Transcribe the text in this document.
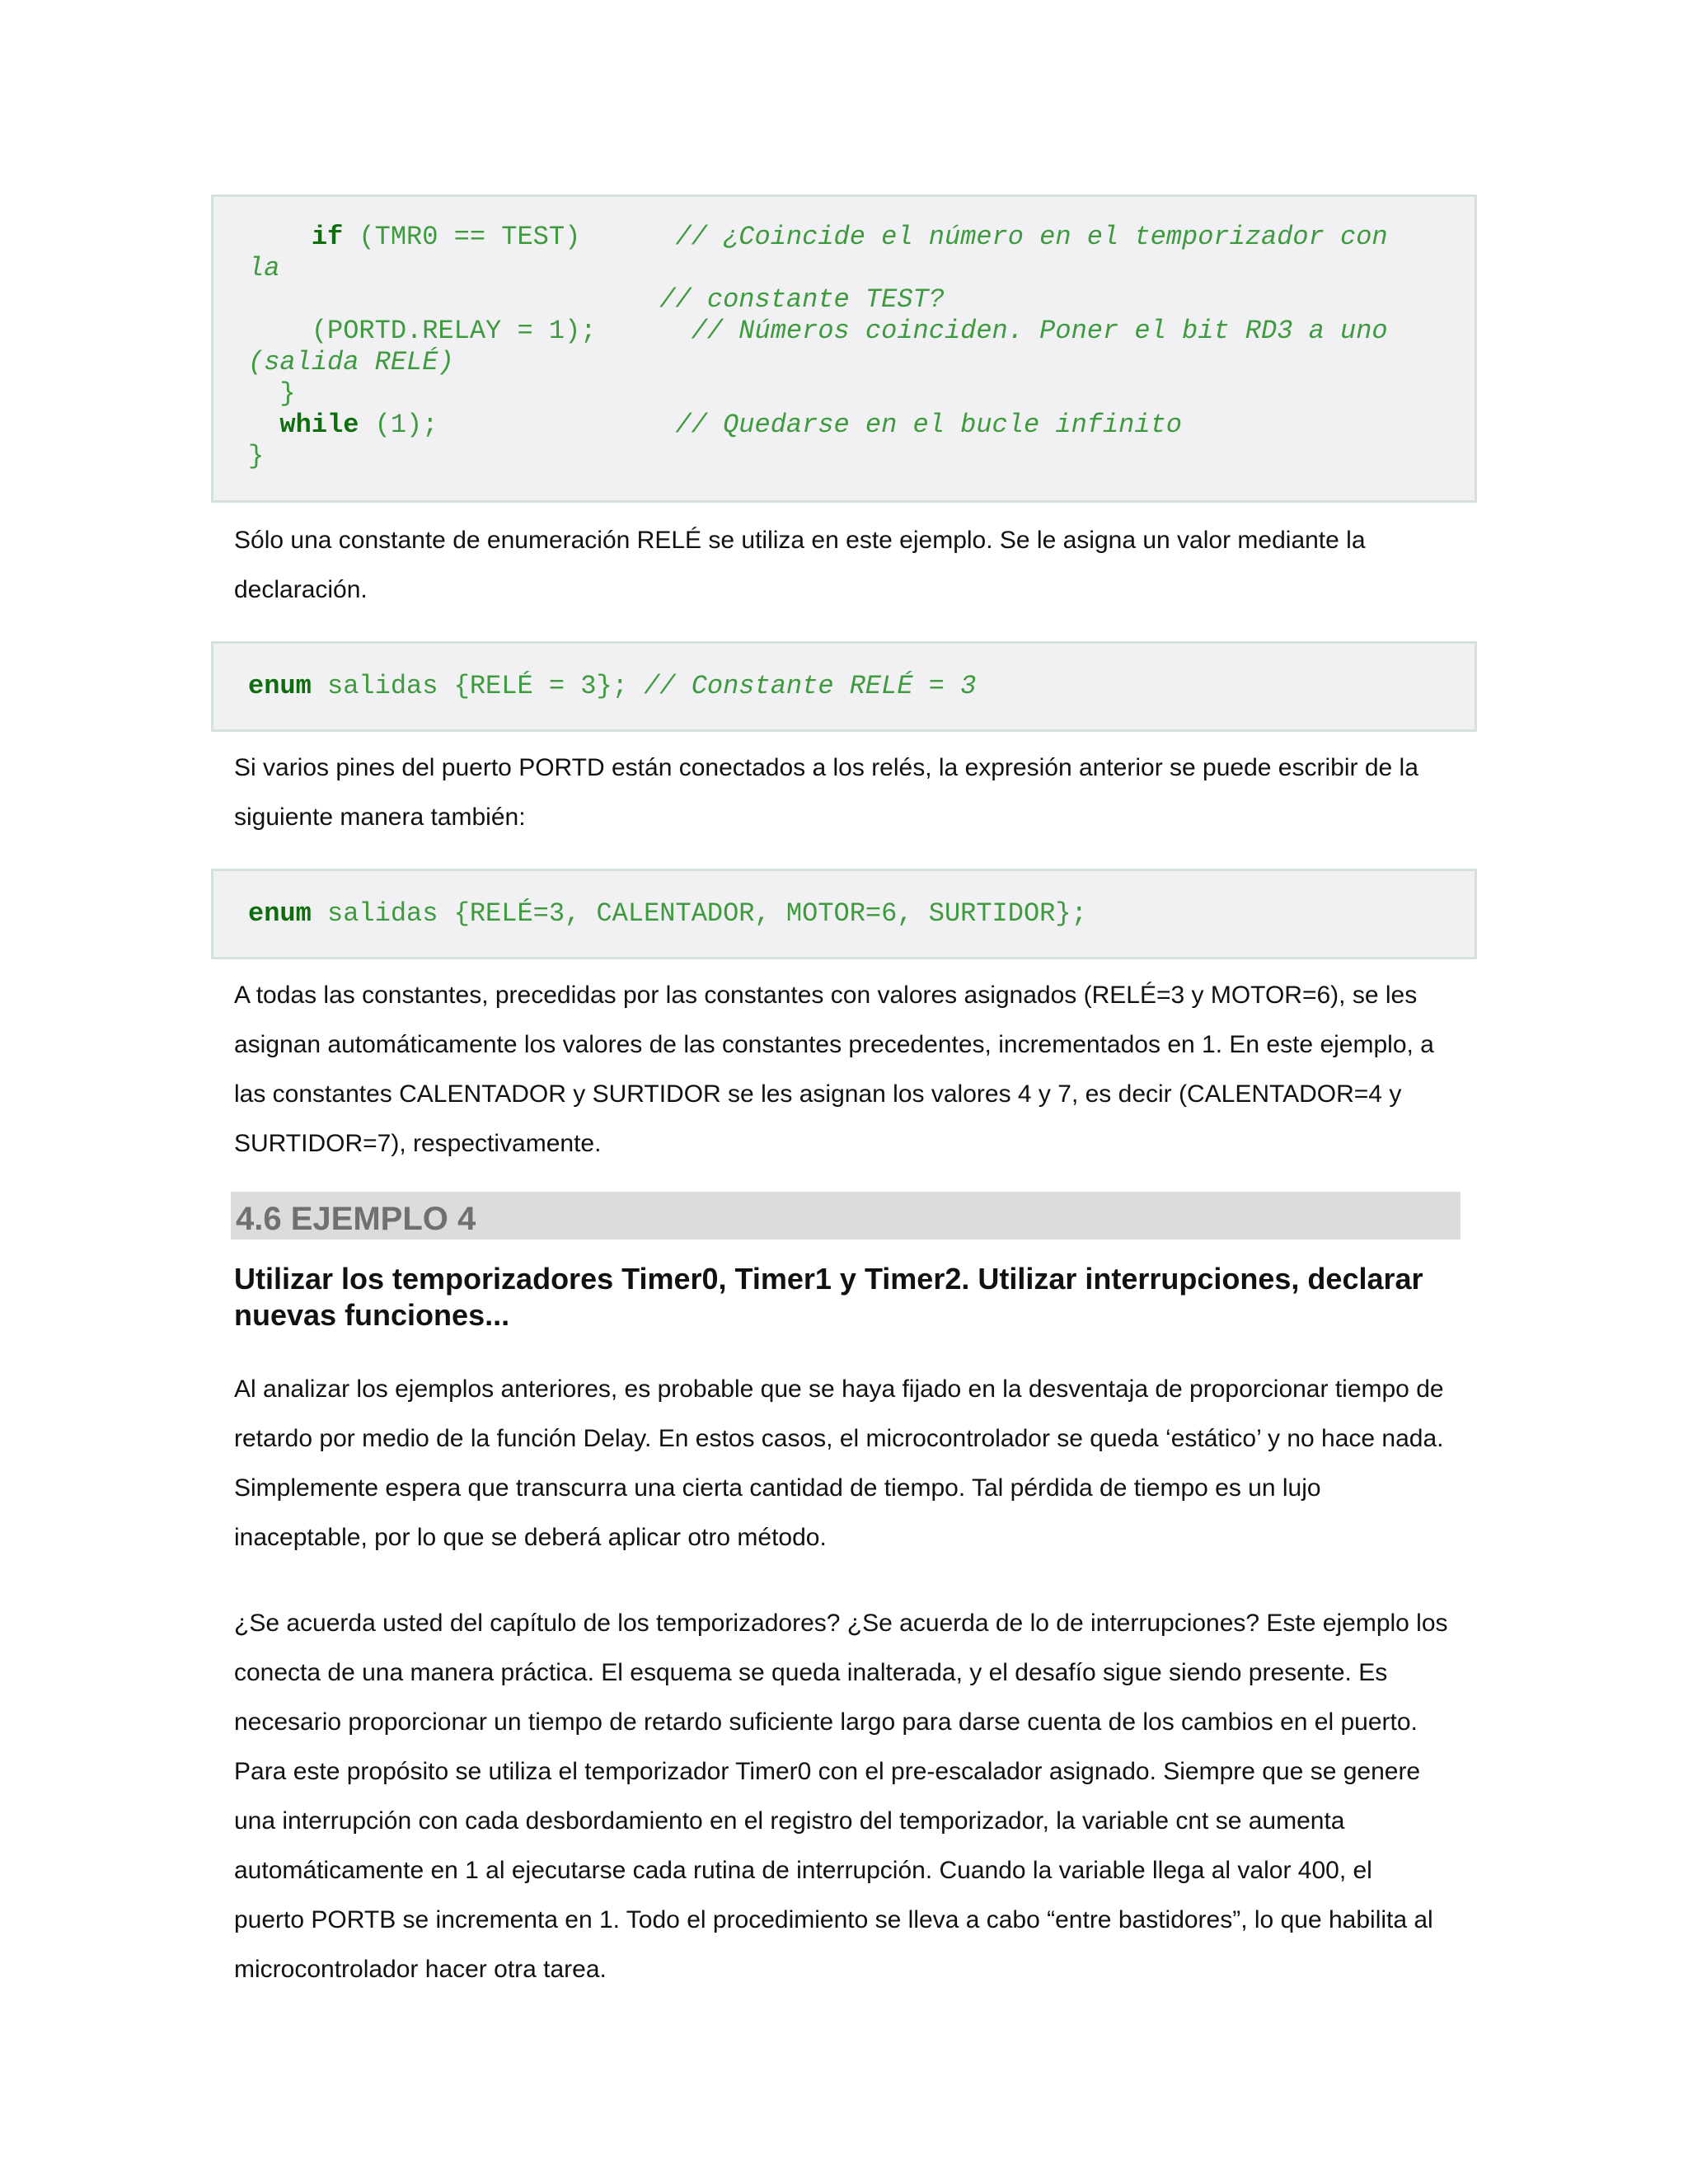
if (TMR0 == TEST)	// ¿Coincide el número en el temporizador con
la
// constante TEST?
(PORTD.RELAY = 1);	// Números coinciden. Poner el bit RD3 a uno
(salida RELÉ)
}
while (1);	// Quedarse en el bucle infinito
}
Sólo una constante de enumeración RELÉ se utiliza en este ejemplo. Se le asigna un valor mediante la
declaración.
enum salidas {RELÉ = 3}; // Constante RELÉ = 3
Si varios pines del puerto PORTD están conectados a los relés, la expresión anterior se puede escribir de la
siguiente manera también:
enum salidas {RELÉ=3, CALENTADOR, MOTOR=6, SURTIDOR};
A todas las constantes, precedidas por las constantes con valores asignados (RELÉ=3 y MOTOR=6), se les
asignan automáticamente los valores de las constantes precedentes, incrementados en 1. En este ejemplo, a
las constantes CALENTADOR y SURTIDOR se les asignan los valores 4 y 7, es decir (CALENTADOR=4 y
SURTIDOR=7), respectivamente.
4.6 EJEMPLO 4
Utilizar los temporizadores Timer0, Timer1 y Timer2. Utilizar interrupciones, declarar
nuevas funciones...
Al analizar los ejemplos anteriores, es probable que se haya fijado en la desventaja de proporcionar tiempo de
retardo por medio de la función Delay. En estos casos, el microcontrolador se queda ‘estático’ y no hace nada.
Simplemente espera que transcurra una cierta cantidad de tiempo. Tal pérdida de tiempo es un lujo
inaceptable, por lo que se deberá aplicar otro método.
¿Se acuerda usted del capítulo de los temporizadores? ¿Se acuerda de lo de interrupciones? Este ejemplo los
conecta de una manera práctica. El esquema se queda inalterada, y el desafío sigue siendo presente. Es
necesario proporcionar un tiempo de retardo suficiente largo para darse cuenta de los cambios en el puerto.
Para este propósito se utiliza el temporizador Timer0 con el pre-escalador asignado. Siempre que se genere
una interrupción con cada desbordamiento en el registro del temporizador, la variable cnt se aumenta
automáticamente en 1 al ejecutarse cada rutina de interrupción. Cuando la variable llega al valor 400, el
puerto PORTB se incrementa en 1. Todo el procedimiento se lleva a cabo “entre bastidores”, lo que habilita al
microcontrolador hacer otra tarea.
